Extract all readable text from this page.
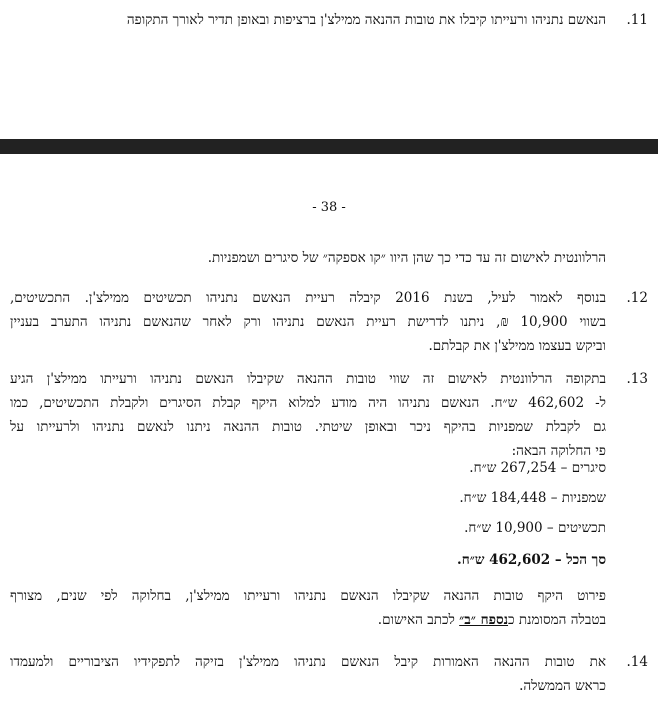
.11
הנאשם נתניהו ורעייתו קיבלו את טובות ההנאה ממילצ'ן ברציפות ובאופן תדיר לאורך התקופה
- 38 -
הרלוונטית לאישום זה עד כדי כך שהן היוו ״קו אספקה״ של סיגרים ושמפניות.
.12
בנוסף לאמור לעיל, בשנת 2016 קיבלה רעיית הנאשם נתניהו תכשיטים ממילצ'ן. התכשיטים,
בשווי 10,900 ₪, ניתנו לדרישת רעיית הנאשם נתניהו ורק לאחר שהנאשם נתניהו התערב בעניין
וביקש בעצמו ממילצ'ן את קבלתם.
.13
בתקופה הרלוונטית לאישום זה שווי טובות ההנאה שקיבלו הנאשם נתניהו ורעייתו ממילצ'ן הגיע
ל- 462,602 ש״ח. הנאשם נתניהו היה מודע למלוא היקף קבלת הסיגרים ולקבלת התכשיטים, כמו
גם לקבלת שמפניות בהיקף ניכר ובאופן שיטתי. טובות ההנאה ניתנו לנאשם נתניהו ולרעייתו על
פי החלוקה הבאה:
סיגרים – 267,254 ש״ח.
שמפניות – 184,448 ש״ח.
תכשיטים – 10,900 ש״ח.
סך הכל – 462,602 ש״ח.
פירוט היקף טובות ההנאה שקיבלו הנאשם נתניהו ורעייתו ממילצ'ן, בחלוקה לפי שנים, מצורף
בטבלה המסומנת כנספח ״ב״ לכתב האישום.
.14
את טובות ההנאה האמורות קיבל הנאשם נתניהו ממילצ'ן בזיקה לתפקידיו הציבוריים ולמעמדו
כראש הממשלה.
